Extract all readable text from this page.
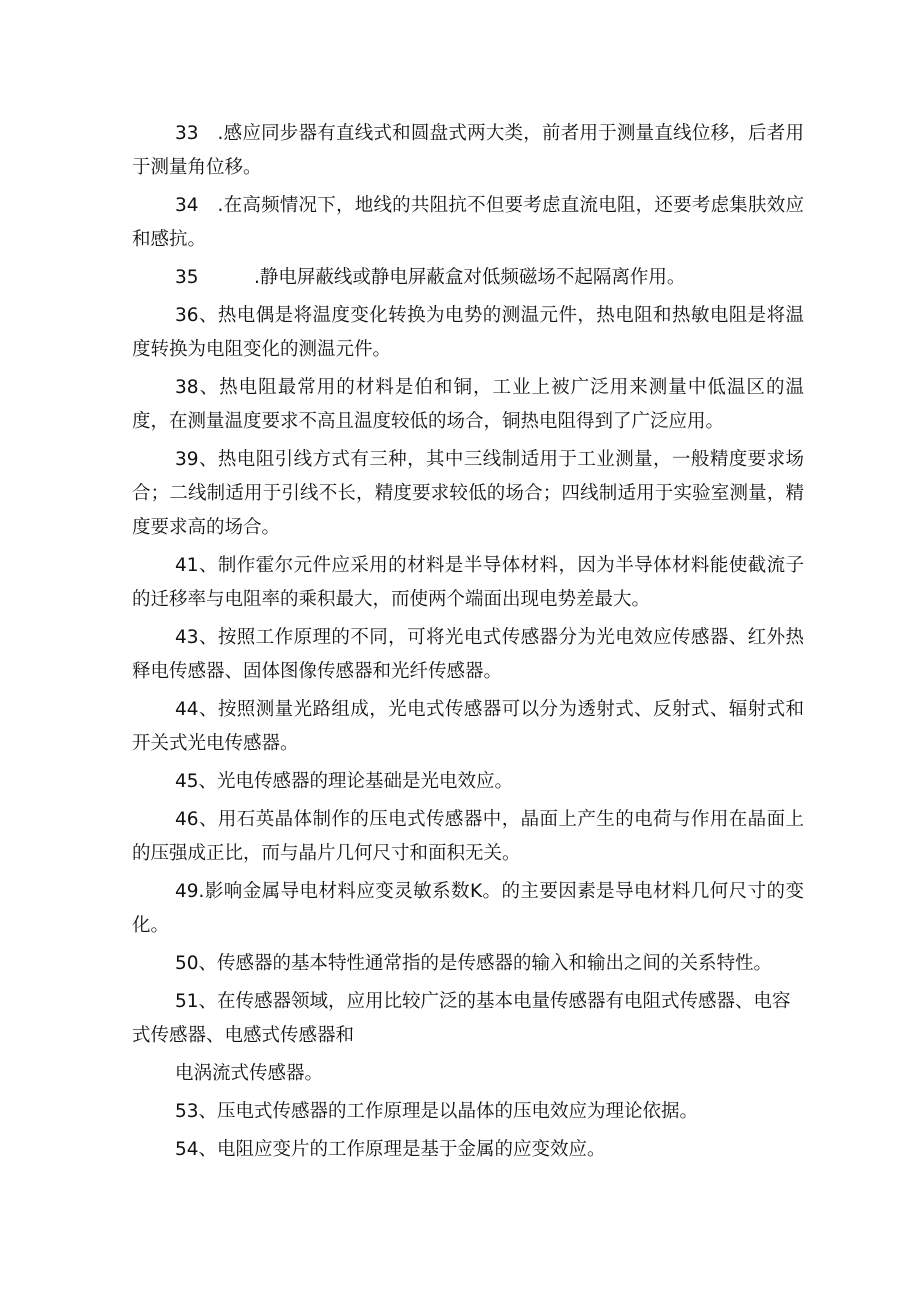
33　.感应同步器有直线式和圆盘式两大类，前者用于测量直线位移，后者用于测量角位移。

34　.在高频情况下，地线的共阻抗不但要考虑直流电阻，还要考虑集肤效应和感抗。

35　　　.静电屏蔽线或静电屏蔽盒对低频磁场不起隔离作用。

36、热电偶是将温度变化转换为电势的测温元件，热电阻和热敏电阻是将温度转换为电阻变化的测温元件。

38、热电阻最常用的材料是伯和铜，工业上被广泛用来测量中低温区的温度，在测量温度要求不高且温度较低的场合，铜热电阻得到了广泛应用。

39、热电阻引线方式有三种，其中三线制适用于工业测量，一般精度要求场合；二线制适用于引线不长，精度要求较低的场合；四线制适用于实验室测量，精度要求高的场合。

41、制作霍尔元件应采用的材料是半导体材料，因为半导体材料能使截流子的迁移率与电阻率的乘积最大，而使两个端面出现电势差最大。

43、按照工作原理的不同，可将光电式传感器分为光电效应传感器、红外热释电传感器、固体图像传感器和光纤传感器。

44、按照测量光路组成，光电式传感器可以分为透射式、反射式、辐射式和开关式光电传感器。

45、光电传感器的理论基础是光电效应。

46、用石英晶体制作的压电式传感器中，晶面上产生的电荷与作用在晶面上的压强成正比，而与晶片几何尺寸和面积无关。

49.影响金属导电材料应变灵敏系数K。的主要因素是导电材料几何尺寸的变化。

50、传感器的基本特性通常指的是传感器的输入和输出之间的关系特性。

51、在传感器领域，应用比较广泛的基本电量传感器有电阻式传感器、电容式传感器、电感式传感器和

电涡流式传感器。

53、压电式传感器的工作原理是以晶体的压电效应为理论依据。

54、电阻应变片的工作原理是基于金属的应变效应。
